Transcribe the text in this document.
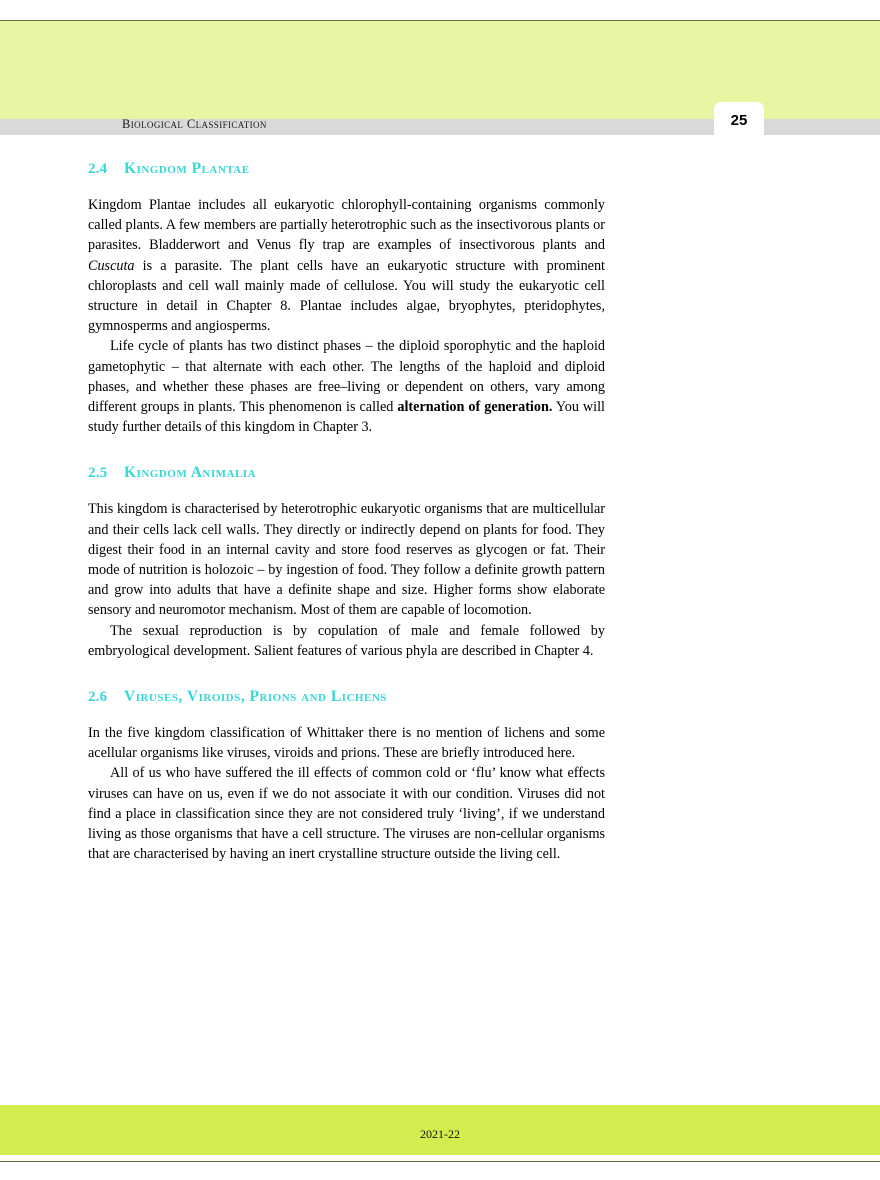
Biological Classification	25
2.4 Kingdom Plantae

Kingdom Plantae includes all eukaryotic chlorophyll-containing organisms commonly called plants. A few members are partially heterotrophic such as the insectivorous plants or parasites. Bladderwort and Venus fly trap are examples of insectivorous plants and Cuscuta is a parasite. The plant cells have an eukaryotic structure with prominent chloroplasts and cell wall mainly made of cellulose. You will study the eukaryotic cell structure in detail in Chapter 8. Plantae includes algae, bryophytes, pteridophytes, gymnosperms and angiosperms.

Life cycle of plants has two distinct phases – the diploid sporophytic and the haploid gametophytic – that alternate with each other. The lengths of the haploid and diploid phases, and whether these phases are free–living or dependent on others, vary among different groups in plants. This phenomenon is called alternation of generation. You will study further details of this kingdom in Chapter 3.

2.5 Kingdom Animalia

This kingdom is characterised by heterotrophic eukaryotic organisms that are multicellular and their cells lack cell walls. They directly or indirectly depend on plants for food. They digest their food in an internal cavity and store food reserves as glycogen or fat. Their mode of nutrition is holozoic – by ingestion of food. They follow a definite growth pattern and grow into adults that have a definite shape and size. Higher forms show elaborate sensory and neuromotor mechanism. Most of them are capable of locomotion.

The sexual reproduction is by copulation of male and female followed by embryological development. Salient features of various phyla are described in Chapter 4.

2.6 Viruses, Viroids, Prions and Lichens

In the five kingdom classification of Whittaker there is no mention of lichens and some acellular organisms like viruses, viroids and prions. These are briefly introduced here.

All of us who have suffered the ill effects of common cold or ‘flu’ know what effects viruses can have on us, even if we do not associate it with our condition. Viruses did not find a place in classification since they are not considered truly ‘living’, if we understand living as those organisms that have a cell structure. The viruses are non-cellular organisms that are characterised by having an inert crystalline structure outside the living cell.

2021-22
